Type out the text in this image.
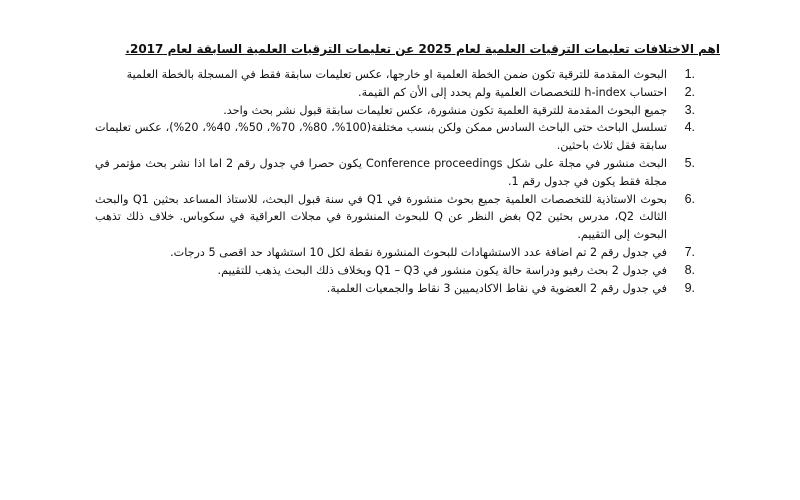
اهم الاختلافات تعليمات الترقيات العلمية لعام 2025 عن تعليمات الترقيات العلمية السابقة لعام 2017.
1.
البحوث المقدمة للترقية تكون ضمن الخطة العلمية او خارجها، عكس تعليمات سابقة فقط في المسجلة بالخطة العلمية
2.
احتساب h-index للتخصصات العلمية ولم يحدد إلى الأن كم القيمة.
3.
جميع البحوث المقدمة للترقية العلمية تكون منشورة، عكس تعليمات سابقة قبول نشر بحث واحد.
4.
تسلسل الباحث حتى الباحث السادس ممكن ولكن بنسب مختلفة(100%، 80%، 70%، 50%، 40%، 20%)، عكس تعليمات سابقة فقل ثلاث باحثين.
5.
البحث منشور في مجلة على شكل Conference proceedings يكون حصرا في جدول رقم 2 اما اذا نشر بحث مؤتمر في مجلة فقط يكون في جدول رقم 1.
6.
بحوث الاستاذية للتخصصات العلمية جميع بحوث منشورة في Q1 في سنة قبول البحث، للاستاذ المساعد بحثين Q1 والبحث الثالث Q2، مدرس بحثين Q2 بغض النظر عن Q للبحوث المنشورة في مجلات العراقية في سكوباس. خلاف ذلك تذهب البحوث إلى التقييم.
7.
في جدول رقم 2 تم اضافة عدد الاستشهادات للبحوث المنشورة نقطة لكل 10 استشهاد حد اقصى 5 درجات.
8.
في جدول 2 بحث رفيو ودراسة حالة يكون منشور في Q1 – Q3 وبخلاف ذلك البحث يذهب للتقييم.
9.
في جدول رقم 2 العضوية في نقاط الاكاديميين 3 نقاط والجمعيات العلمية.
